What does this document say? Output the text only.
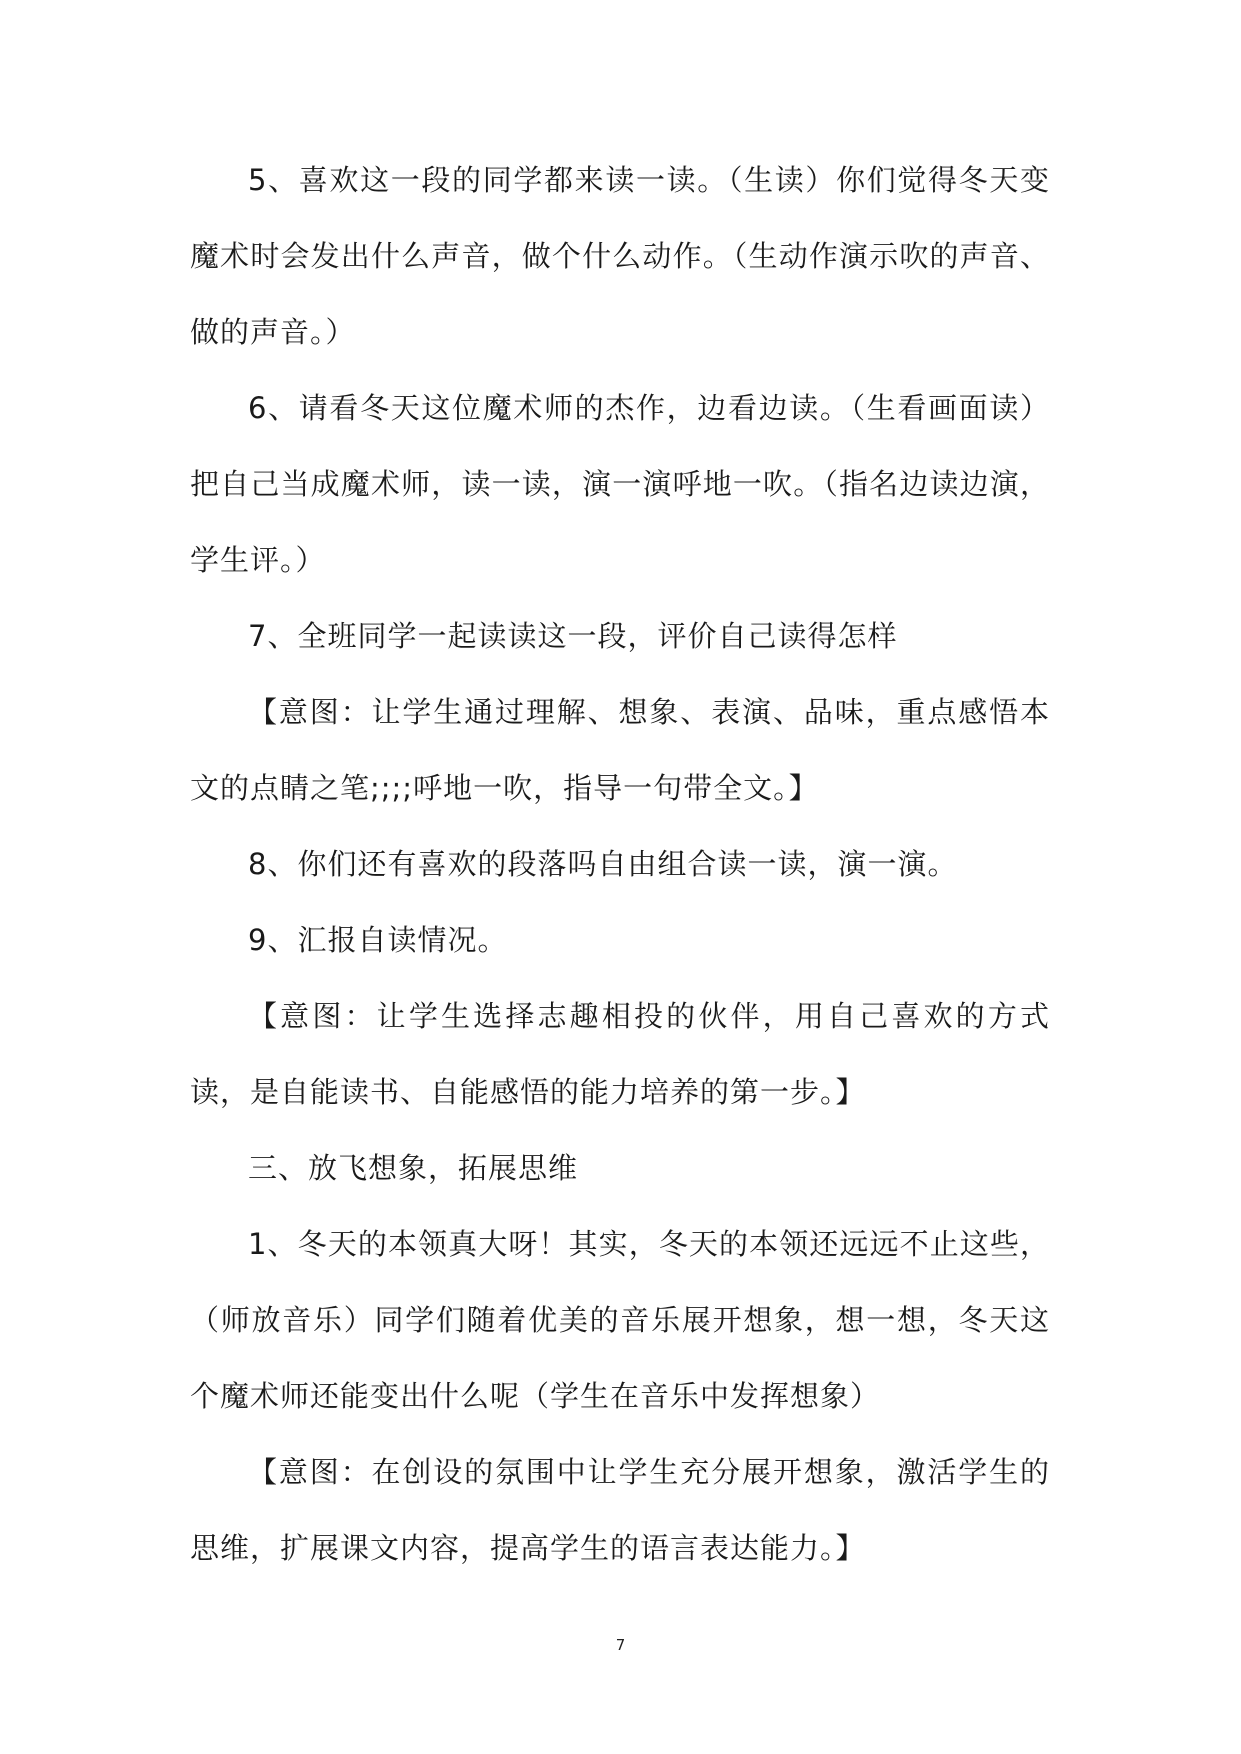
5、喜欢这一段的同学都来读一读。（生读）你们觉得冬天变魔术时会发出什么声音，做个什么动作。（生动作演示吹的声音、做的声音。）

6、请看冬天这位魔术师的杰作，边看边读。（生看画面读）把自己当成魔术师，读一读，演一演呼地一吹。（指名边读边演，学生评。）

7、全班同学一起读读这一段，评价自己读得怎样

【意图：让学生通过理解、想象、表演、品味，重点感悟本文的点睛之笔;;;;呼地一吹，指导一句带全文。】

8、你们还有喜欢的段落吗自由组合读一读，演一演。

9、汇报自读情况。

【意图：让学生选择志趣相投的伙伴，用自己喜欢的方式读，是自能读书、自能感悟的能力培养的第一步。】

三、放飞想象，拓展思维

1、冬天的本领真大呀！其实，冬天的本领还远远不止这些，（师放音乐）同学们随着优美的音乐展开想象，想一想，冬天这个魔术师还能变出什么呢（学生在音乐中发挥想象）

【意图：在创设的氛围中让学生充分展开想象，激活学生的思维，扩展课文内容，提高学生的语言表达能力。】

7
